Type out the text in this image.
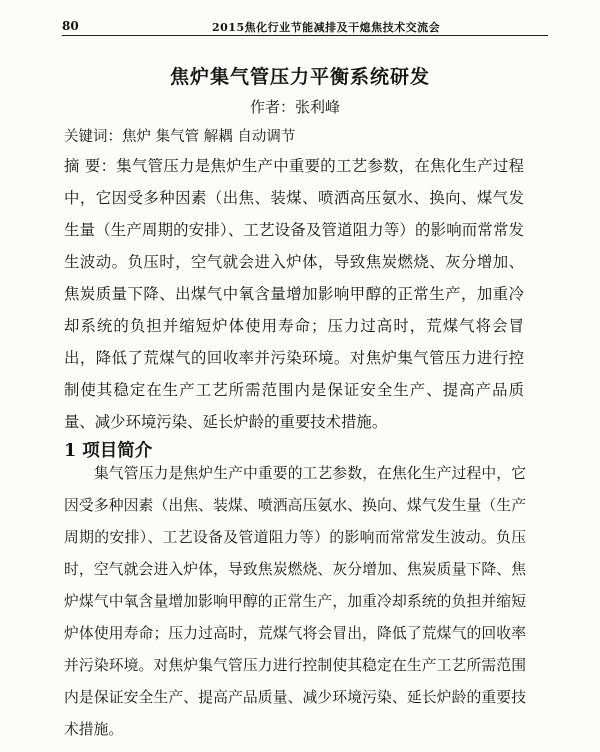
80	2015焦化行业节能减排及干熄焦技术交流会
焦炉集气管压力平衡系统研发
作者：张利峰
关键词：焦炉 集气管 解耦 自动调节
摘 要：集气管压力是焦炉生产中重要的工艺参数，在焦化生产过程中，它因受多种因素（出焦、装煤、喷洒高压氨水、换向、煤气发生量（生产周期的安排）、工艺设备及管道阻力等）的影响而常常发生波动。负压时，空气就会进入炉体，导致焦炭燃烧、灰分增加、焦炭质量下降、出煤气中氧含量增加影响甲醇的正常生产，加重冷却系统的负担并缩短炉体使用寿命；压力过高时，荒煤气将会冒出，降低了荒煤气的回收率并污染环境。对焦炉集气管压力进行控制使其稳定在生产工艺所需范围内是保证安全生产、提高产品质量、减少环境污染、延长炉龄的重要技术措施。
1 项目简介
集气管压力是焦炉生产中重要的工艺参数，在焦化生产过程中，它因受多种因素（出焦、装煤、喷洒高压氨水、换向、煤气发生量（生产周期的安排）、工艺设备及管道阻力等）的影响而常常发生波动。负压时，空气就会进入炉体，导致焦炭燃烧、灰分增加、焦炭质量下降、焦炉煤气中氧含量增加影响甲醇的正常生产，加重冷却系统的负担并缩短炉体使用寿命；压力过高时，荒煤气将会冒出，降低了荒煤气的回收率并污染环境。对焦炉集气管压力进行控制使其稳定在生产工艺所需范围内是保证安全生产、提高产品质量、减少环境污染、延长炉龄的重要技术措施。
